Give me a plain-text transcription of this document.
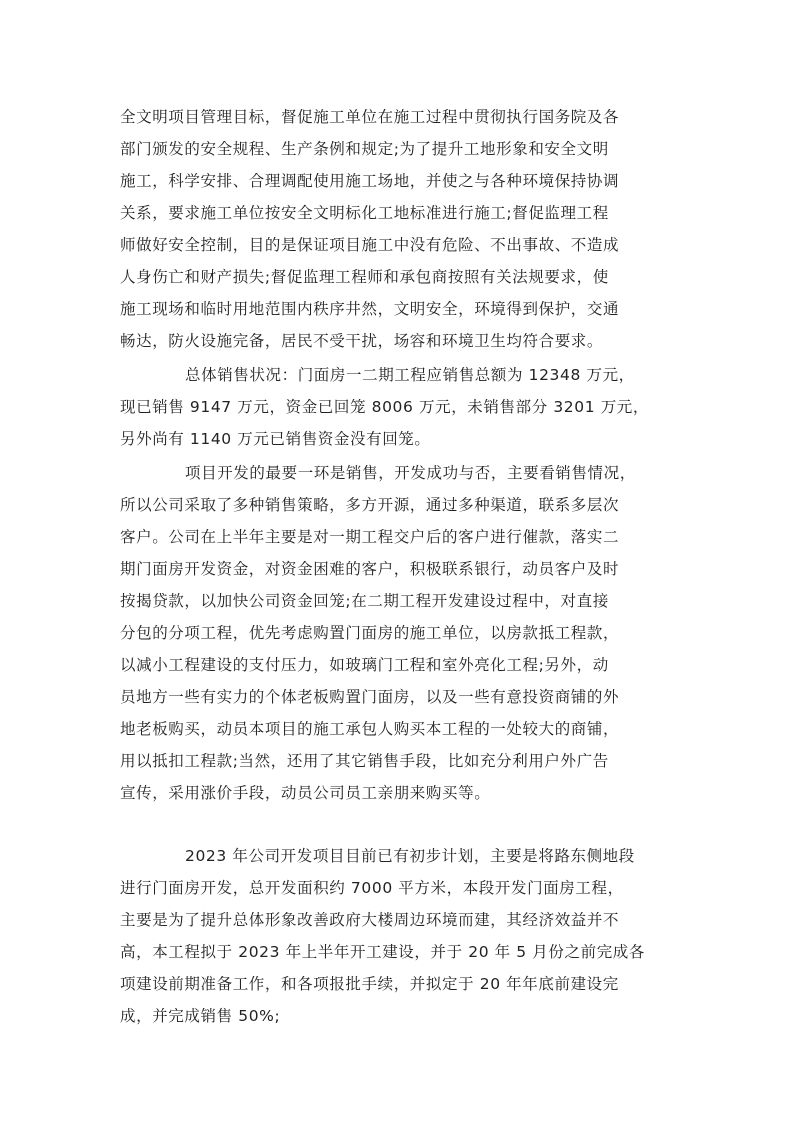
全文明项目管理目标，督促施工单位在施工过程中贯彻执行国务院及各
部门颁发的安全规程、生产条例和规定;为了提升工地形象和安全文明
施工，科学安排、合理调配使用施工场地，并使之与各种环境保持协调
关系，要求施工单位按安全文明标化工地标准进行施工;督促监理工程
师做好安全控制，目的是保证项目施工中没有危险、不出事故、不造成
人身伤亡和财产损失;督促监理工程师和承包商按照有关法规要求，使
施工现场和临时用地范围内秩序井然，文明安全，环境得到保护，交通
畅达，防火设施完备，居民不受干扰，场容和环境卫生均符合要求。
总体销售状况：门面房一二期工程应销售总额为 12348 万元，
现已销售 9147 万元，资金已回笼 8006 万元，未销售部分 3201 万元，
另外尚有 1140 万元已销售资金没有回笼。
项目开发的最要一环是销售，开发成功与否，主要看销售情况，
所以公司采取了多种销售策略，多方开源，通过多种渠道，联系多层次
客户。公司在上半年主要是对一期工程交户后的客户进行催款，落实二
期门面房开发资金，对资金困难的客户，积极联系银行，动员客户及时
按揭贷款，以加快公司资金回笼;在二期工程开发建设过程中，对直接
分包的分项工程，优先考虑购置门面房的施工单位，以房款抵工程款，
以减小工程建设的支付压力，如玻璃门工程和室外亮化工程;另外，动
员地方一些有实力的个体老板购置门面房，以及一些有意投资商铺的外
地老板购买，动员本项目的施工承包人购买本工程的一处较大的商铺，
用以抵扣工程款;当然，还用了其它销售手段，比如充分利用户外广告
宣传，采用涨价手段，动员公司员工亲朋来购买等。
2023 年公司开发项目目前已有初步计划，主要是将路东侧地段
进行门面房开发，总开发面积约 7000 平方米，本段开发门面房工程，
主要是为了提升总体形象改善政府大楼周边环境而建，其经济效益并不
高，本工程拟于 2023 年上半年开工建设，并于 20 年 5 月份之前完成各
项建设前期准备工作，和各项报批手续，并拟定于 20 年年底前建设完
成，并完成销售 50%;
